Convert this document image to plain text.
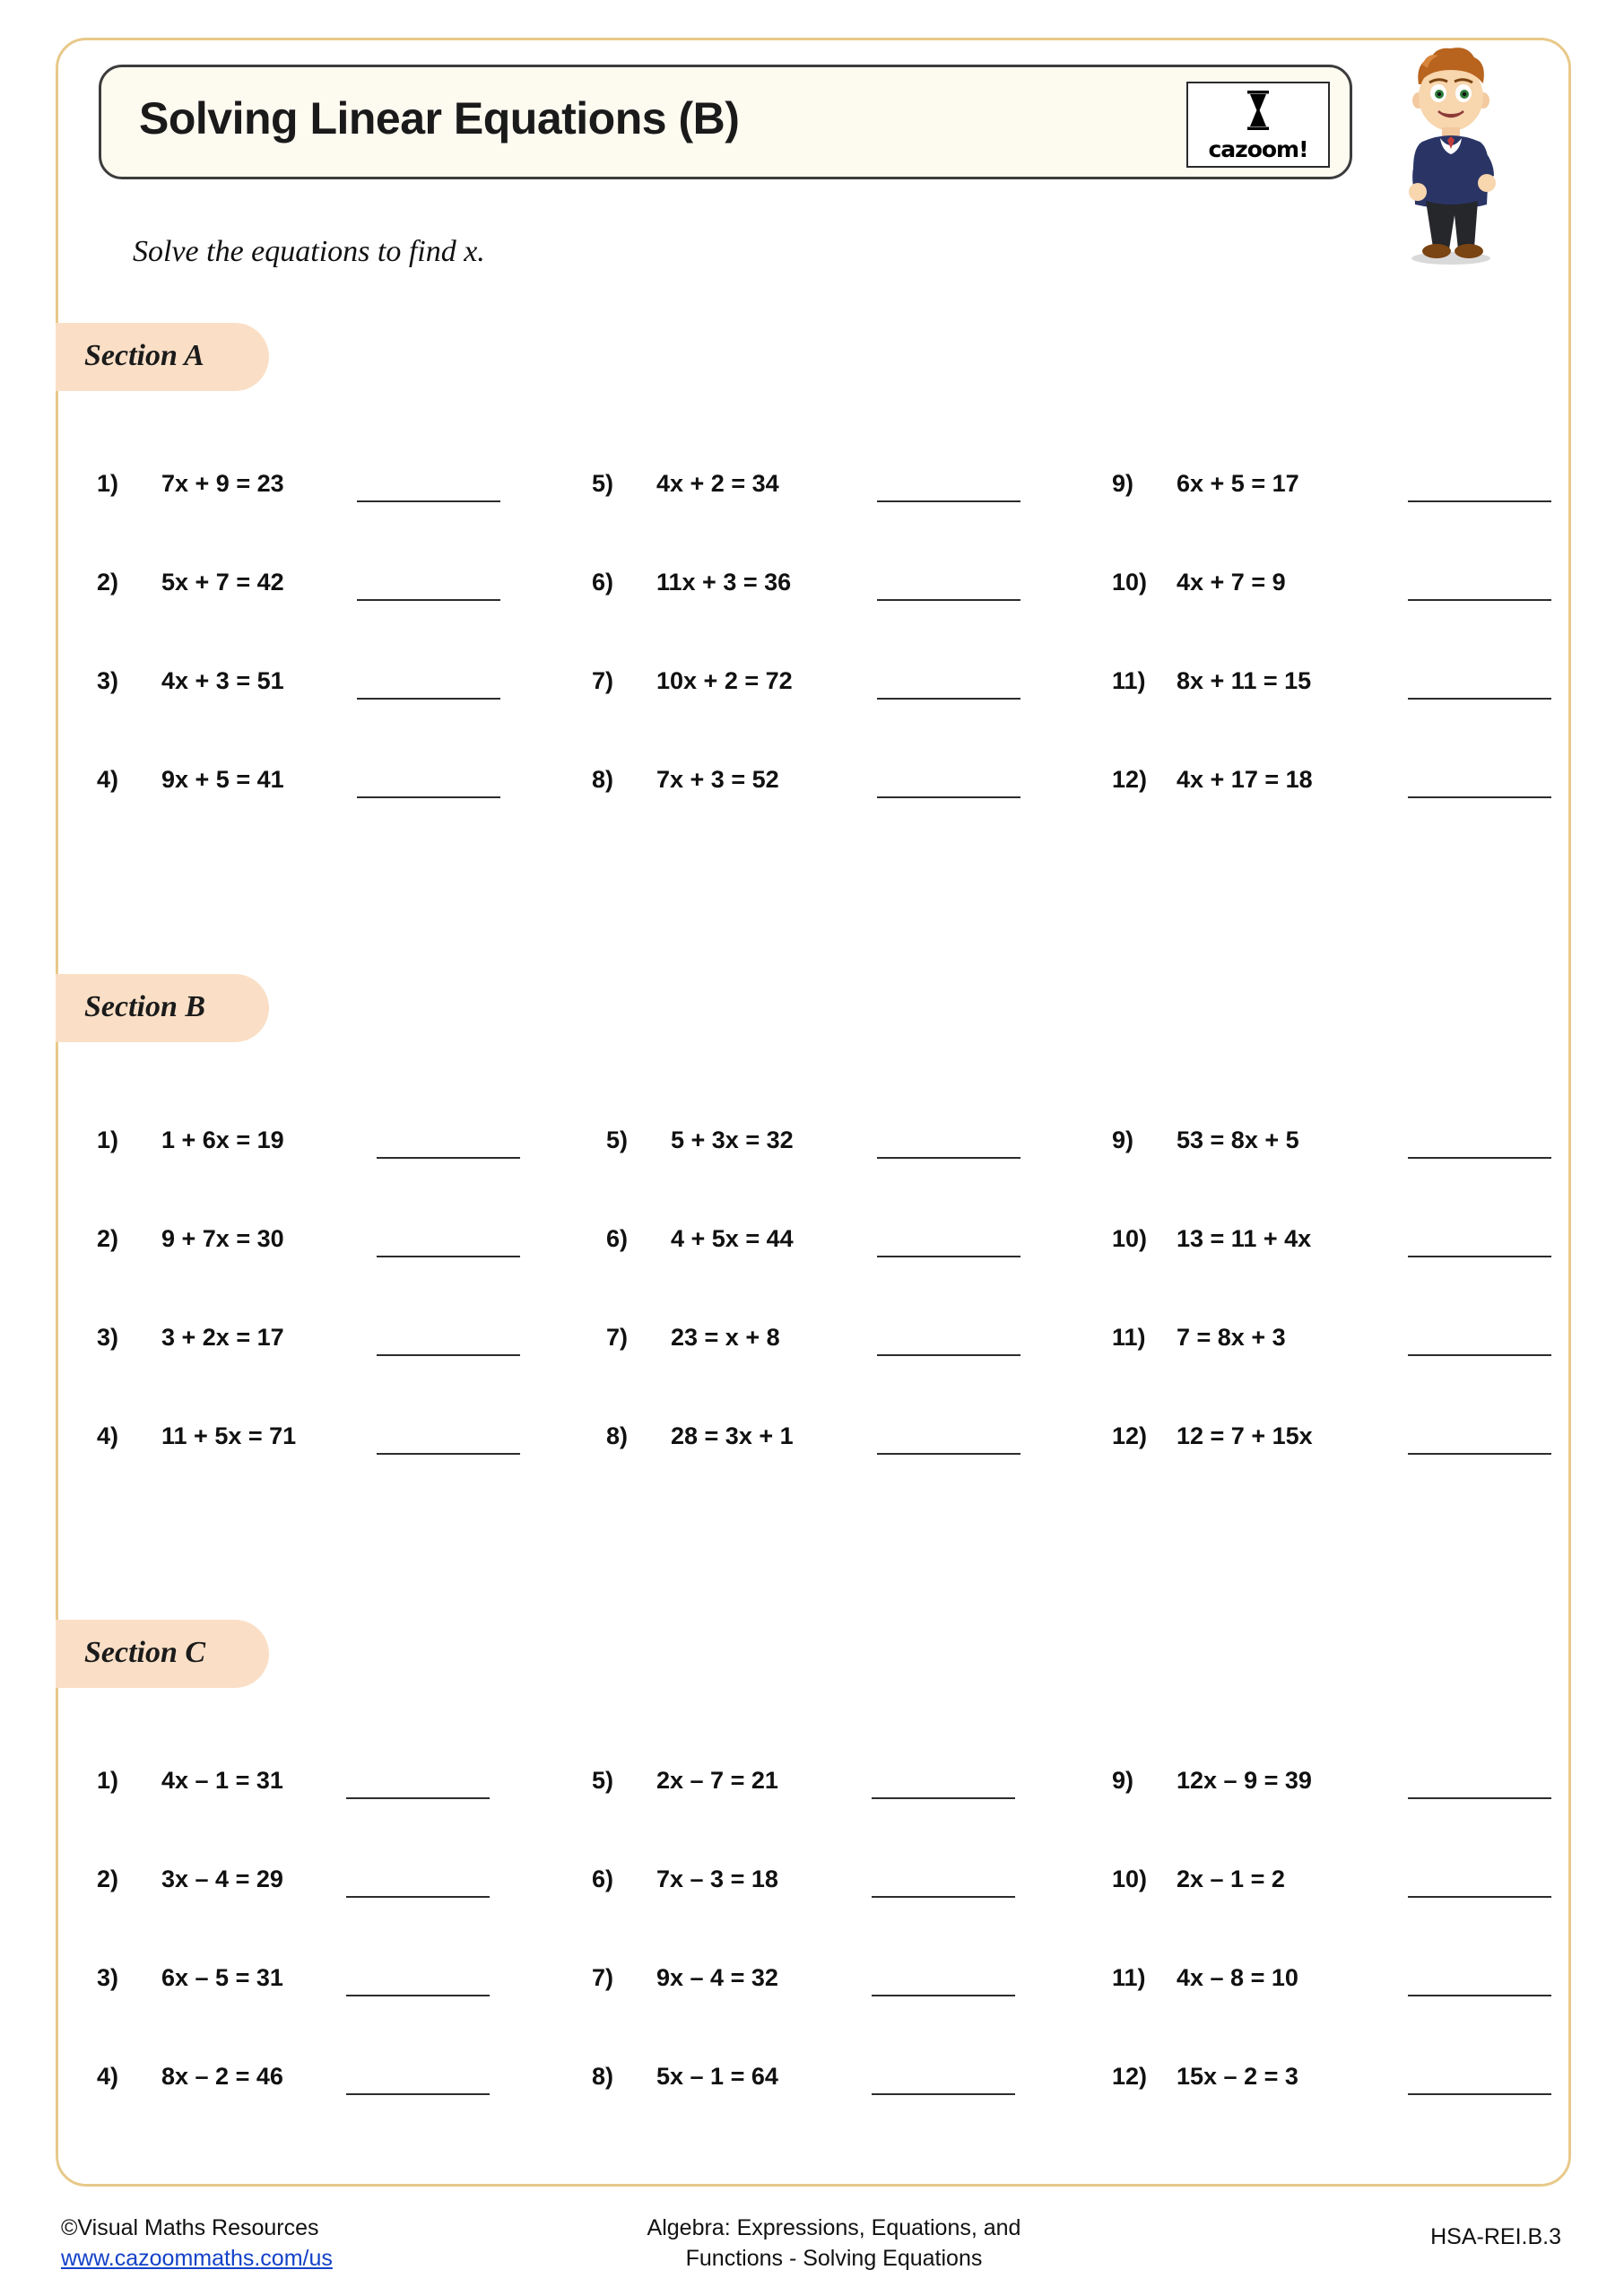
Solving Linear Equations (B)
cazoom!
Solve the equations to find x.
Section A
1)	7x + 9 = 23
2)	5x + 7 = 42
3)	4x + 3 = 51
4)	9x + 5 = 41
5)	4x + 2 = 34
6)	11x + 3 = 36
7)	10x + 2 = 72
8)	7x + 3 = 52
9)	6x + 5 = 17
10)	4x + 7 = 9
11)	8x + 11 = 15
12)	4x + 17 = 18
Section B
1)	1 + 6x = 19
2)	9 + 7x = 30
3)	3 + 2x = 17
4)	11 + 5x = 71
5)	5 + 3x = 32
6)	4 + 5x = 44
7)	23 = x + 8
8)	28 = 3x + 1
9)	53 = 8x + 5
10)	13 = 11 + 4x
11)	7 = 8x + 3
12)	12 = 7 + 15x
Section C
1)	4x – 1 = 31
2)	3x – 4 = 29
3)	6x – 5 = 31
4)	8x – 2 = 46
5)	2x – 7 = 21
6)	7x – 3 = 18
7)	9x – 4 = 32
8)	5x – 1 = 64
9)	12x – 9 = 39
10)	2x – 1 = 2
11)	4x – 8 = 10
12)	15x – 2 = 3
©Visual Maths Resources
www.cazoommaths.com/us
Algebra: Expressions, Equations, and
Functions - Solving Equations
HSA-REI.B.3
